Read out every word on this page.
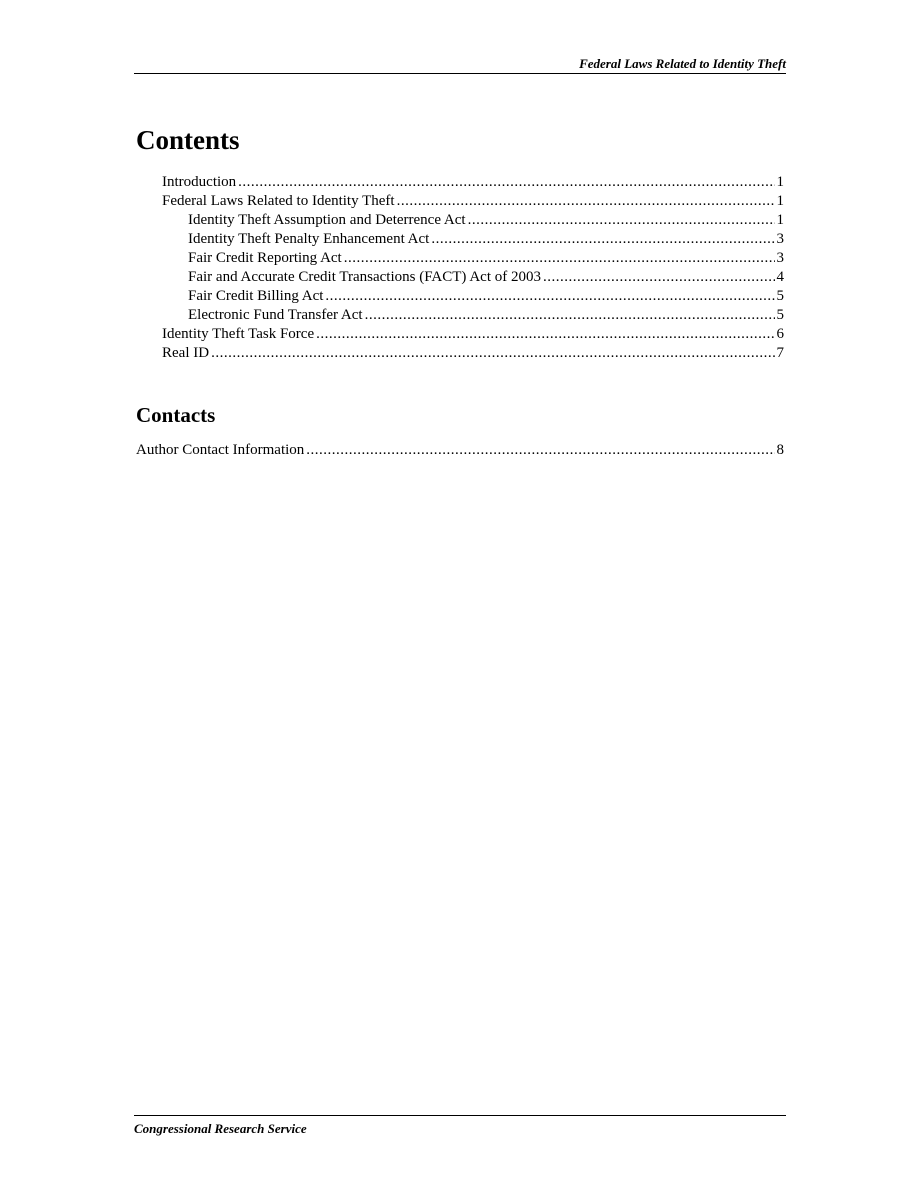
Federal Laws Related to Identity Theft
Contents
Introduction .....	1
Federal Laws Related to Identity Theft .....	1
Identity Theft Assumption and Deterrence Act .....	1
Identity Theft Penalty Enhancement Act .....	3
Fair Credit Reporting Act .....	3
Fair and Accurate Credit Transactions (FACT) Act of 2003 .....	4
Fair Credit Billing Act .....	5
Electronic Fund Transfer Act .....	5
Identity Theft Task Force .....	6
Real ID .....	7
Contacts
Author Contact Information .....	8
Congressional Research Service
